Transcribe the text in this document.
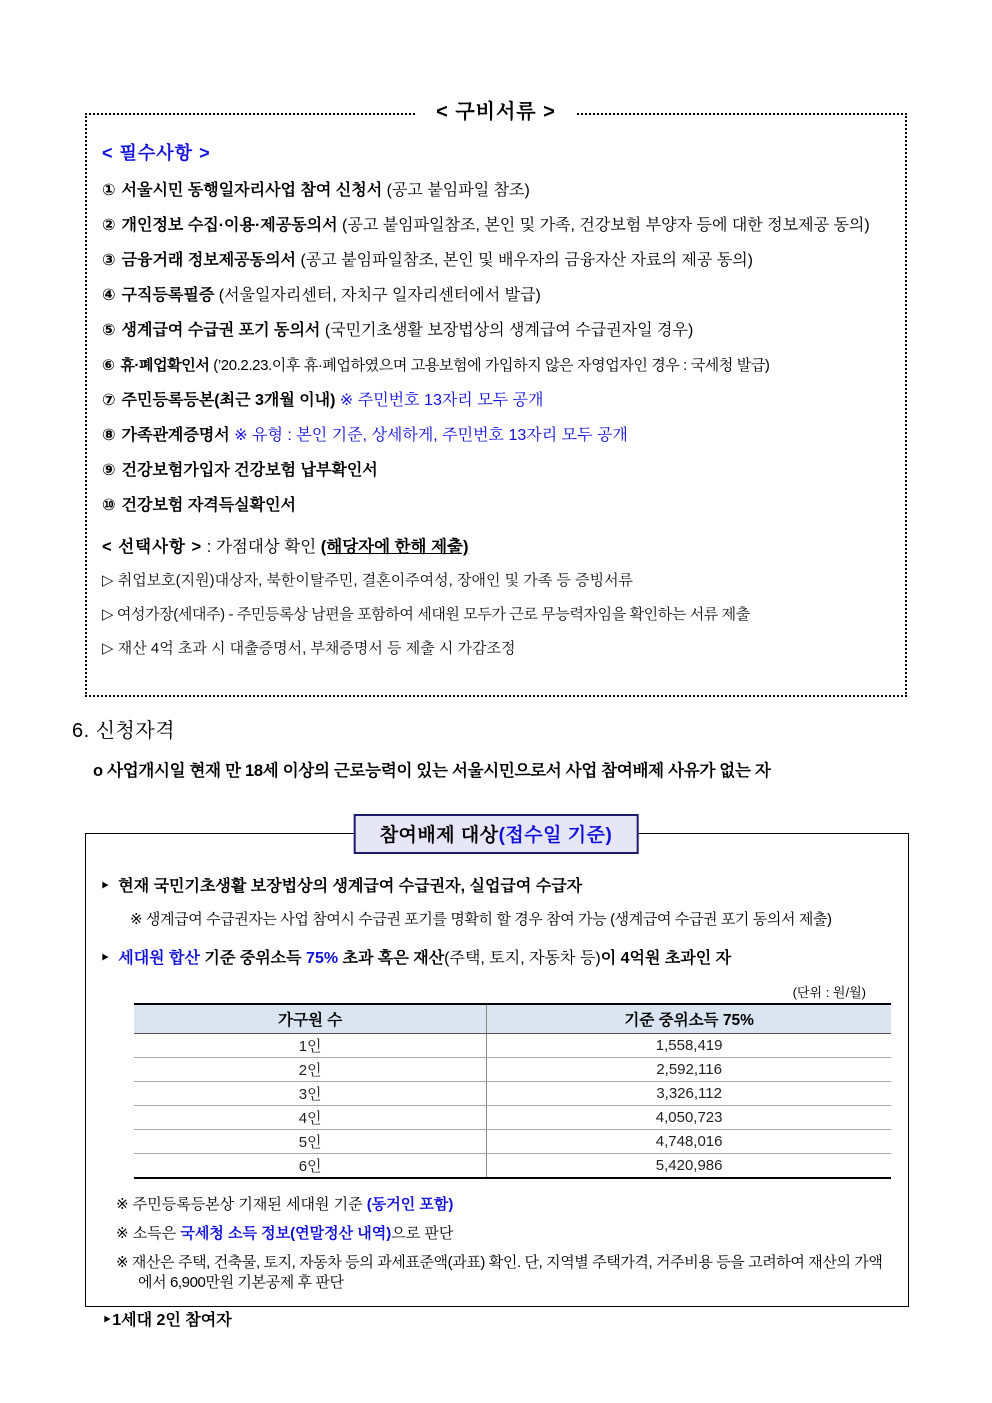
< 구비서류 >
< 필수사항 >
① 서울시민 동행일자리사업 참여 신청서 (공고 붙임파일 참조)
② 개인정보 수집·이용·제공동의서 (공고 붙임파일참조, 본인 및 가족, 건강보험 부양자 등에 대한 정보제공 동의)
③ 금융거래 정보제공동의서 (공고 붙임파일참조, 본인 및 배우자의 금융자산 자료의 제공 동의)
④ 구직등록필증 (서울일자리센터, 자치구 일자리센터에서 발급)
⑤ 생계급여 수급권 포기 동의서 (국민기초생활 보장법상의 생계급여 수급권자일 경우)
⑥ 휴·폐업확인서 (’20.2.23.이후 휴·폐업하였으며 고용보험에 가입하지 않은 자영업자인 경우 : 국세청 발급)
⑦ 주민등록등본(최근 3개월 이내) ※ 주민번호 13자리 모두 공개
⑧ 가족관계증명서 ※ 유형 : 본인 기준, 상세하게, 주민번호 13자리 모두 공개
⑨ 건강보험가입자 건강보험 납부확인서
⑩ 건강보험 자격득실확인서
< 선택사항 > : 가점대상 확인 (해당자에 한해 제출)
▷ 취업보호(지원)대상자, 북한이탈주민, 결혼이주여성, 장애인 및 가족 등 증빙서류
▷ 여성가장(세대주) - 주민등록상 남편을 포함하여 세대원 모두가 근로 무능력자임을 확인하는 서류 제출
▷ 재산 4억 초과 시 대출증명서, 부채증명서 등 제출 시 가감조정
6. 신청자격
o 사업개시일 현재 만 18세 이상의 근로능력이 있는 서울시민으로서 사업 참여배제 사유가 없는 자
참여배제 대상(접수일 기준)
‣ 현재 국민기초생활 보장법상의 생계급여 수급권자, 실업급여 수급자
※ 생계급여 수급권자는 사업 참여시 수급권 포기를 명확히 할 경우 참여 가능 (생계급여 수급권 포기 동의서 제출)
‣ 세대원 합산 기준 중위소득 75% 초과 혹은 재산(주택, 토지, 자동차 등)이 4억원 초과인 자
(단위 : 원/월)
가구원 수	기준 중위소득 75%
1인	1,558,419
2인	2,592,116
3인	3,326,112
4인	4,050,723
5인	4,748,016
6인	5,420,986
※ 주민등록등본상 기재된 세대원 기준 (동거인 포함)
※ 소득은 국세청 소득 정보(연말정산 내역)으로 판단
※ 재산은 주택, 건축물, 토지, 자동차 등의 과세표준액(과표) 확인. 단, 지역별 주택가격, 거주비용 등을 고려하여 재산의 가액에서 6,900만원 기본공제 후 판단
‣1세대 2인 참여자
